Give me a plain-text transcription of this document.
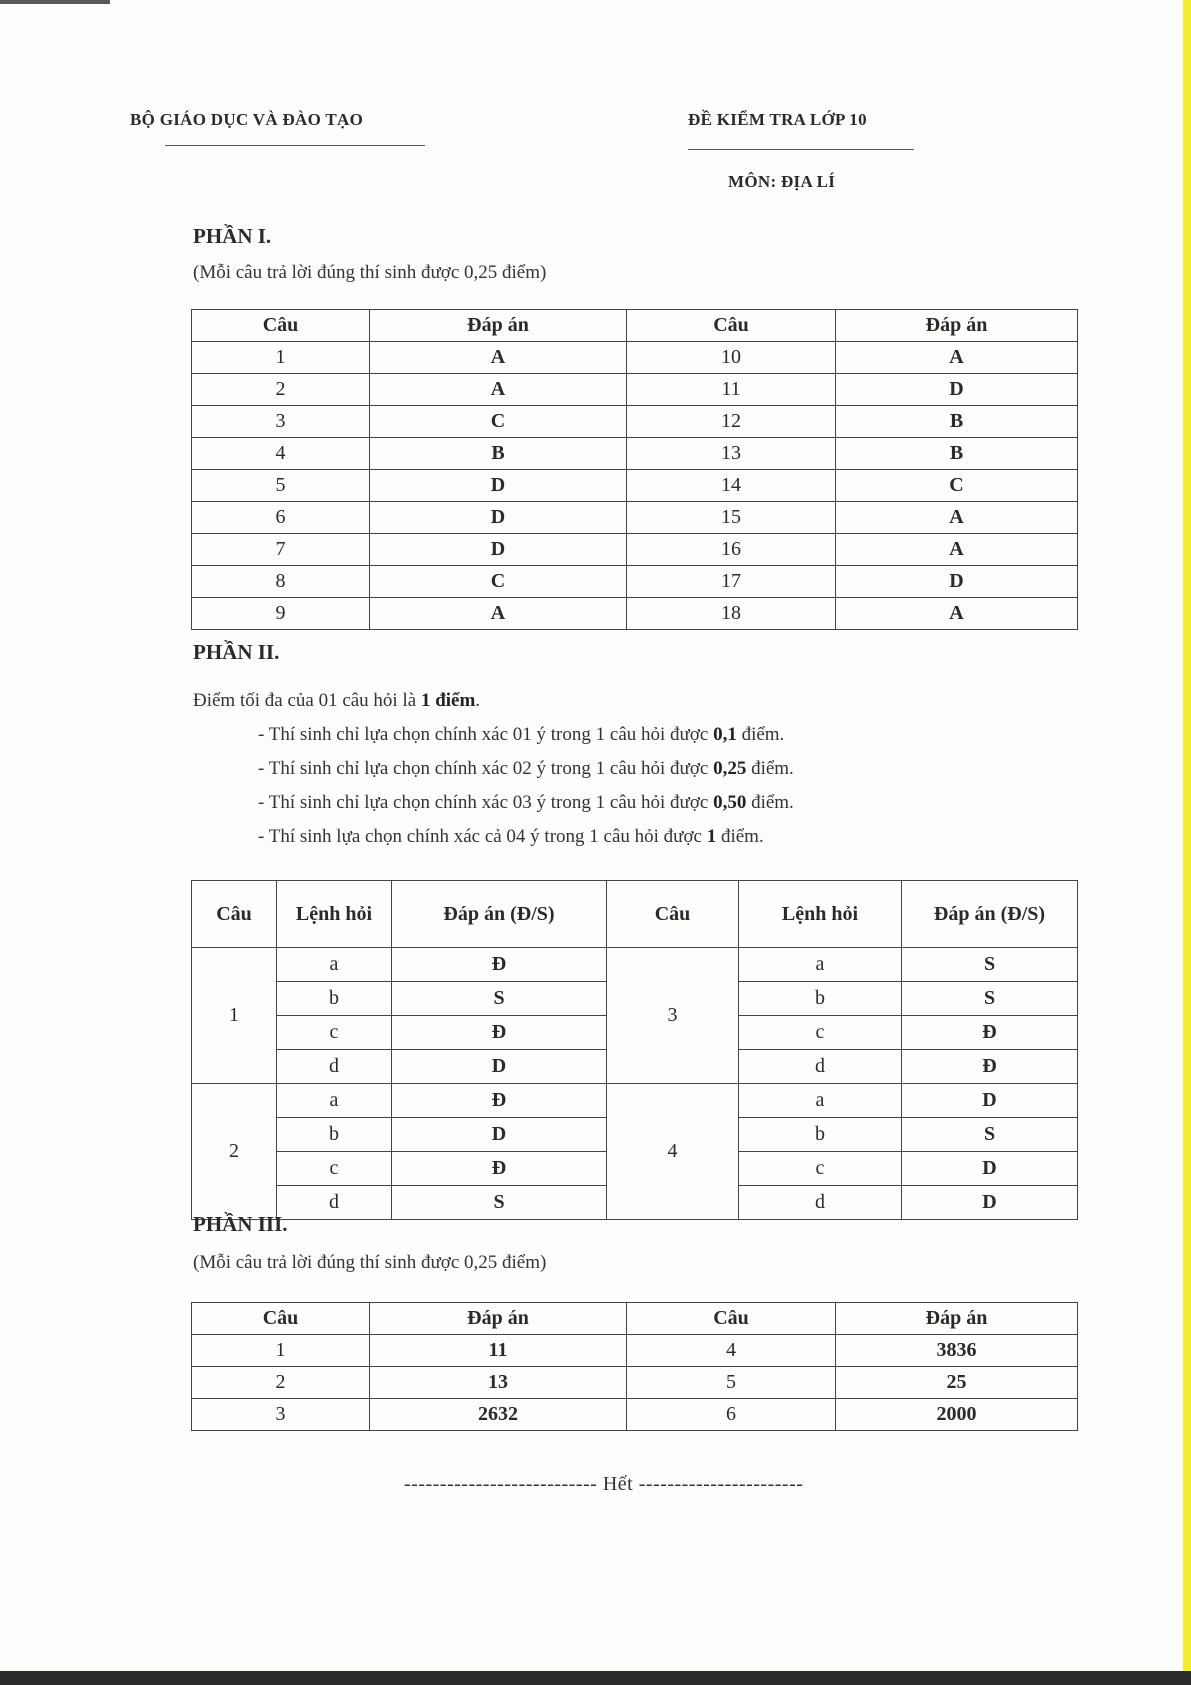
BỘ GIÁO DỤC VÀ ĐÀO TẠO	ĐỀ KIỂM TRA LỚP 10
MÔN: ĐỊA LÍ
PHẦN I.
(Mỗi câu trả lời đúng thí sinh được 0,25 điểm)
Câu	Đáp án	Câu	Đáp án
1	A	10	A
2	A	11	D
3	C	12	B
4	B	13	B
5	D	14	C
6	D	15	A
7	D	16	A
8	C	17	D
9	A	18	A
PHẦN II.
Điểm tối đa của 01 câu hỏi là 1 điểm.
- Thí sinh chỉ lựa chọn chính xác 01 ý trong 1 câu hỏi được 0,1 điểm.
- Thí sinh chỉ lựa chọn chính xác 02 ý trong 1 câu hỏi được 0,25 điểm.
- Thí sinh chỉ lựa chọn chính xác 03 ý trong 1 câu hỏi được 0,50 điểm.
- Thí sinh lựa chọn chính xác cả 04 ý trong 1 câu hỏi được 1 điểm.
Câu	Lệnh hỏi	Đáp án (Đ/S)	Câu	Lệnh hỏi	Đáp án (Đ/S)
1	a	Đ	3	a	S
	b	S		b	S
	c	Đ		c	Đ
	d	D		d	Đ
2	a	Đ	4	a	D
	b	D		b	S
	c	Đ		c	D
	d	S		d	D
PHẦN III.
(Mỗi câu trả lời đúng thí sinh được 0,25 điểm)
Câu	Đáp án	Câu	Đáp án
1	11	4	3836
2	13	5	25
3	2632	6	2000
--------------------------- Hết -----------------------
